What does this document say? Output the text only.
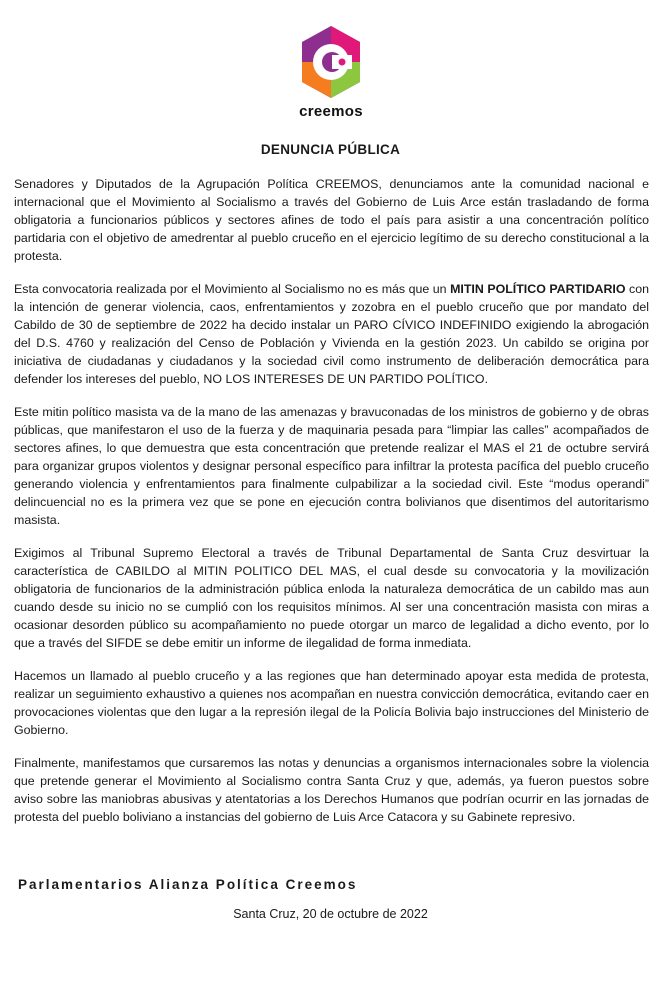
creemos
DENUNCIA PÚBLICA

Senadores y Diputados de la Agrupación Política CREEMOS, denunciamos ante la comunidad nacional e internacional que el Movimiento al Socialismo a través del Gobierno de Luis Arce están trasladando de forma obligatoria a funcionarios públicos y sectores afines de todo el país para asistir a una concentración político partidaria con el objetivo de amedrentar al pueblo cruceño en el ejercicio legítimo de su derecho constitucional a la protesta.

Esta convocatoria realizada por el Movimiento al Socialismo no es más que un MITIN POLÍTICO PARTIDARIO con la intención de generar violencia, caos, enfrentamientos y zozobra en el pueblo cruceño que por mandato del Cabildo de 30 de septiembre de 2022 ha decido instalar un PARO CÍVICO INDEFINIDO exigiendo la abrogación del D.S. 4760 y realización del Censo de Población y Vivienda en la gestión 2023. Un cabildo se origina por iniciativa de ciudadanas y ciudadanos y la sociedad civil como instrumento de deliberación democrática para defender los intereses del pueblo, NO LOS INTERESES DE UN PARTIDO POLÍTICO.

Este mitin político masista va de la mano de las amenazas y bravuconadas de los ministros de gobierno y de obras públicas, que manifestaron el uso de la fuerza y de maquinaria pesada para “limpiar las calles” acompañados de sectores afines, lo que demuestra que esta concentración que pretende realizar el MAS el 21 de octubre servirá para organizar grupos violentos y designar personal específico para infiltrar la protesta pacífica del pueblo cruceño generando violencia y enfrentamientos para finalmente culpabilizar a la sociedad civil. Este “modus operandi” delincuencial no es la primera vez que se pone en ejecución contra bolivianos que disentimos del autoritarismo masista.

Exigimos al Tribunal Supremo Electoral a través de Tribunal Departamental de Santa Cruz desvirtuar la característica de CABILDO al MITIN POLITICO DEL MAS, el cual desde su convocatoria y la movilización obligatoria de funcionarios de la administración pública enloda la naturaleza democrática de un cabildo mas aun cuando desde su inicio no se cumplió con los requisitos mínimos. Al ser una concentración masista con miras a ocasionar desorden público su acompañamiento no puede otorgar un marco de legalidad a dicho evento, por lo que a través del SIFDE se debe emitir un informe de ilegalidad de forma inmediata.

Hacemos un llamado al pueblo cruceño y a las regiones que han determinado apoyar esta medida de protesta, realizar un seguimiento exhaustivo a quienes nos acompañan en nuestra convicción democrática, evitando caer en provocaciones violentas que den lugar a la represión ilegal de la Policía Bolivia bajo instrucciones del Ministerio de Gobierno.

Finalmente, manifestamos que cursaremos las notas y denuncias a organismos internacionales sobre la violencia que pretende generar el Movimiento al Socialismo contra Santa Cruz y que, además, ya fueron puestos sobre aviso sobre las maniobras abusivas y atentatorias a los Derechos Humanos que podrían ocurrir en las jornadas de protesta del pueblo boliviano a instancias del gobierno de Luis Arce Catacora y su Gabinete represivo.

Parlamentarios Alianza Política Creemos
Santa Cruz, 20 de octubre de 2022
